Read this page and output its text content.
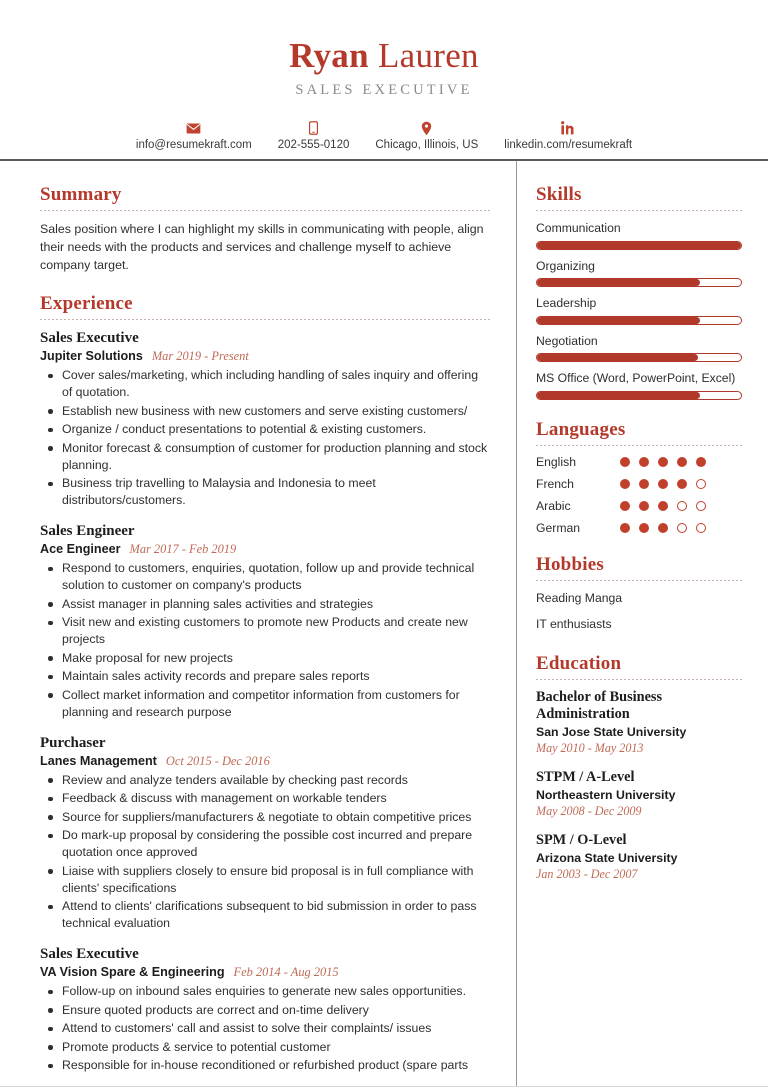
Ryan Lauren
SALES EXECUTIVE
info@resumekraft.com 202-555-0120 Chicago, Illinois, US linkedin.com/resumekraft
Summary
Sales position where I can highlight my skills in communicating with people, align their needs with the products and services and challenge myself to achieve company target.
Experience
Sales Executive
Jupiter Solutions Mar 2019 - Present
Cover sales/marketing, which including handling of sales inquiry and offering of quotation.
Establish new business with new customers and serve existing customers/
Organize / conduct presentations to potential & existing customers.
Monitor forecast & consumption of customer for production planning and stock planning.
Business trip travelling to Malaysia and Indonesia to meet distributors/customers.
Sales Engineer
Ace Engineer Mar 2017 - Feb 2019
Respond to customers, enquiries, quotation, follow up and provide technical solution to customer on company's products
Assist manager in planning sales activities and strategies
Visit new and existing customers to promote new Products and create new projects
Make proposal for new projects
Maintain sales activity records and prepare sales reports
Collect market information and competitor information from customers for planning and research purpose
Purchaser
Lanes Management Oct 2015 - Dec 2016
Review and analyze tenders available by checking past records
Feedback & discuss with management on workable tenders
Source for suppliers/manufacturers & negotiate to obtain competitive prices
Do mark-up proposal by considering the possible cost incurred and prepare quotation once approved
Liaise with suppliers closely to ensure bid proposal is in full compliance with clients' specifications
Attend to clients' clarifications subsequent to bid submission in order to pass technical evaluation
Sales Executive
VA Vision Spare & Engineering Feb 2014 - Aug 2015
Follow-up on inbound sales enquiries to generate new sales opportunities.
Ensure quoted products are correct and on-time delivery
Attend to customers' call and assist to solve their complaints/ issues
Promote products & service to potential customer
Responsible for in-house reconditioned or refurbished product (spare parts
Skills
Communication
Organizing
Leadership
Negotiation
MS Office (Word, PowerPoint, Excel)
Languages
English
French
Arabic
German
Hobbies
Reading Manga
IT enthusiasts
Education
Bachelor of Business Administration
San Jose State University
May 2010 - May 2013
STPM / A-Level
Northeastern University
May 2008 - Dec 2009
SPM / O-Level
Arizona State University
Jan 2003 - Dec 2007
